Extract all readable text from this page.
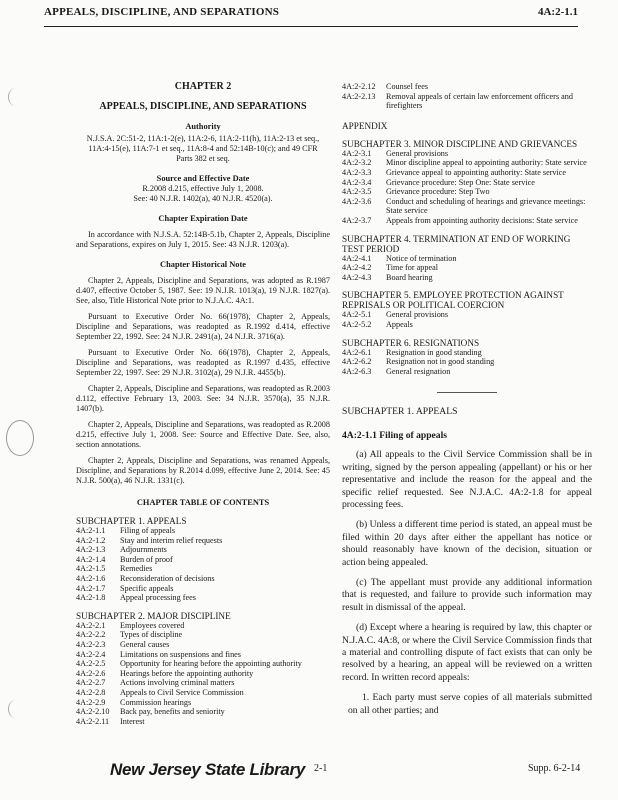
APPEALS, DISCIPLINE, AND SEPARATIONS	4A:2-1.1
CHAPTER 2
APPEALS, DISCIPLINE, AND SEPARATIONS
Authority
N.J.S.A. 2C:51-2, 11A:1-2(e), 11A:2-6, 11A:2-11(h), 11A:2-13 et seq., 11A:4-15(e), 11A:7-1 et seq., 11A:8-4 and 52:14B-10(c); and 49 CFR Parts 382 et seq.
Source and Effective Date
R.2008 d.215, effective July 1, 2008.
See: 40 N.J.R. 1402(a), 40 N.J.R. 4520(a).
Chapter Expiration Date
In accordance with N.J.S.A. 52:14B-5.1b, Chapter 2, Appeals, Discipline and Separations, expires on July 1, 2015. See: 43 N.J.R. 1203(a).
Chapter Historical Note
Chapter 2, Appeals, Discipline and Separations, was adopted as R.1987 d.407, effective October 5, 1987. See: 19 N.J.R. 1013(a), 19 N.J.R. 1827(a). See, also, Title Historical Note prior to N.J.A.C. 4A:1.
Pursuant to Executive Order No. 66(1978), Chapter 2, Appeals, Discipline and Separations, was readopted as R.1992 d.414, effective September 22, 1992. See: 24 N.J.R. 2491(a), 24 N.J.R. 3716(a).
Pursuant to Executive Order No. 66(1978), Chapter 2, Appeals, Discipline and Separations, was readopted as R.1997 d.435, effective September 22, 1997. See: 29 N.J.R. 3102(a), 29 N.J.R. 4455(b).
Chapter 2, Appeals, Discipline and Separations, was readopted as R.2003 d.112, effective February 13, 2003. See: 34 N.J.R. 3570(a), 35 N.J.R. 1407(b).
Chapter 2, Appeals, Discipline and Separations, was readopted as R.2008 d.215, effective July 1, 2008. See: Source and Effective Date. See, also, section annotations.
Chapter 2, Appeals, Discipline and Separations, was renamed Appeals, Discipline, and Separations by R.2014 d.099, effective June 2, 2014. See: 45 N.J.R. 500(a), 46 N.J.R. 1331(c).
CHAPTER TABLE OF CONTENTS
SUBCHAPTER 1. APPEALS
4A:2-1.1	Filing of appeals
4A:2-1.2	Stay and interim relief requests
4A:2-1.3	Adjournments
4A:2-1.4	Burden of proof
4A:2-1.5	Remedies
4A:2-1.6	Reconsideration of decisions
4A:2-1.7	Specific appeals
4A:2-1.8	Appeal processing fees
SUBCHAPTER 2. MAJOR DISCIPLINE
4A:2-2.1	Employees covered
4A:2-2.2	Types of discipline
4A:2-2.3	General causes
4A:2-2.4	Limitations on suspensions and fines
4A:2-2.5	Opportunity for hearing before the appointing authority
4A:2-2.6	Hearings before the appointing authority
4A:2-2.7	Actions involving criminal matters
4A:2-2.8	Appeals to Civil Service Commission
4A:2-2.9	Commission hearings
4A:2-2.10	Back pay, benefits and seniority
4A:2-2.11	Interest
4A:2-2.12	Counsel fees
4A:2-2.13	Removal appeals of certain law enforcement officers and firefighters
APPENDIX
SUBCHAPTER 3. MINOR DISCIPLINE AND GRIEVANCES
4A:2-3.1	General provisions
4A:2-3.2	Minor discipline appeal to appointing authority: State service
4A:2-3.3	Grievance appeal to appointing authority: State service
4A:2-3.4	Grievance procedure: Step One: State service
4A:2-3.5	Grievance procedure: Step Two
4A:2-3.6	Conduct and scheduling of hearings and grievance meetings: State service
4A:2-3.7	Appeals from appointing authority decisions: State service
SUBCHAPTER 4. TERMINATION AT END OF WORKING TEST PERIOD
4A:2-4.1	Notice of termination
4A:2-4.2	Time for appeal
4A:2-4.3	Board hearing
SUBCHAPTER 5. EMPLOYEE PROTECTION AGAINST REPRISALS OR POLITICAL COERCION
4A:2-5.1	General provisions
4A:2-5.2	Appeals
SUBCHAPTER 6. RESIGNATIONS
4A:2-6.1	Resignation in good standing
4A:2-6.2	Resignation not in good standing
4A:2-6.3	General resignation
SUBCHAPTER 1. APPEALS
4A:2-1.1 Filing of appeals
(a) All appeals to the Civil Service Commission shall be in writing, signed by the person appealing (appellant) or his or her representative and include the reason for the appeal and the specific relief requested. See N.J.A.C. 4A:2-1.8 for appeal processing fees.
(b) Unless a different time period is stated, an appeal must be filed within 20 days after either the appellant has notice or should reasonably have known of the decision, situation or action being appealed.
(c) The appellant must provide any additional information that is requested, and failure to provide such information may result in dismissal of the appeal.
(d) Except where a hearing is required by law, this chapter or N.J.A.C. 4A:8, or where the Civil Service Commission finds that a material and controlling dispute of fact exists that can only be resolved by a hearing, an appeal will be reviewed on a written record. In written record appeals:
1. Each party must serve copies of all materials submitted on all other parties; and
New Jersey State Library 2-1	Supp. 6-2-14
